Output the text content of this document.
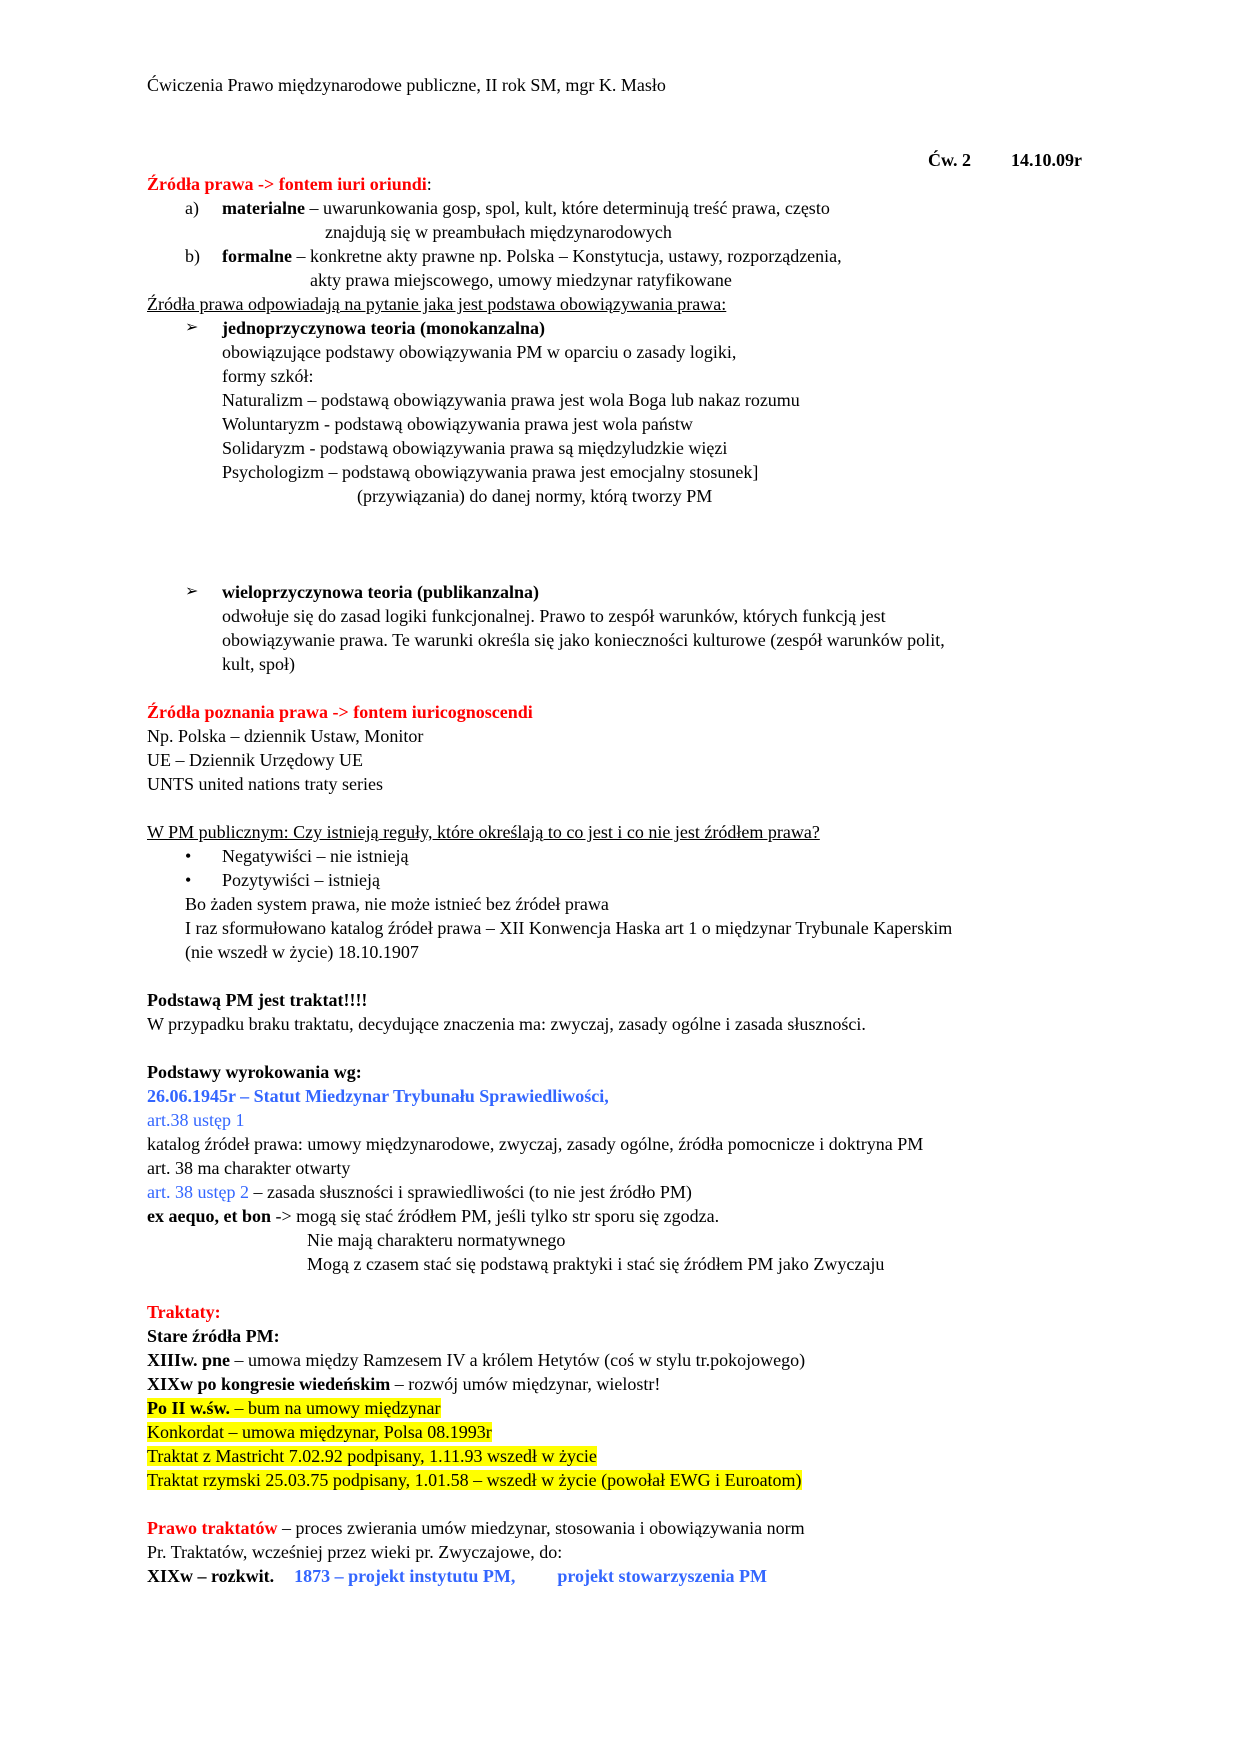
Ćwiczenia Prawo międzynarodowe publiczne, II rok SM, mgr K. Masło
Ćw. 2 14.10.09r
Źródła prawa -> fontem iuri oriundi:
a) materialne – uwarunkowania gosp, spol, kult, które determinują treść prawa, często
znajdują się w preambułach międzynarodowych
b) formalne – konkretne akty prawne np. Polska – Konstytucja, ustawy, rozporządzenia,
akty prawa miejscowego, umowy miedzynar ratyfikowane
Źródła prawa odpowiadają na pytanie jaka jest podstawa obowiązywania prawa:
➢ jednoprzyczynowa teoria (monokanzalna)
obowiązujące podstawy obowiązywania PM w oparciu o zasady logiki,
formy szkół:
Naturalizm – podstawą obowiązywania prawa jest wola Boga lub nakaz rozumu
Woluntaryzm - podstawą obowiązywania prawa jest wola państw
Solidaryzm - podstawą obowiązywania prawa są międzyludzkie więzi
Psychologizm – podstawą obowiązywania prawa jest emocjalny stosunek]
(przywiązania) do danej normy, którą tworzy PM
➢ wieloprzyczynowa teoria (publikanzalna)
odwołuje się do zasad logiki funkcjonalnej. Prawo to zespół warunków, których funkcją jest
obowiązywanie prawa. Te warunki określa się jako konieczności kulturowe (zespół warunków polit,
kult, społ)
Źródła poznania prawa -> fontem iuricognoscendi
Np. Polska – dziennik Ustaw, Monitor
UE – Dziennik Urzędowy UE
UNTS united nations traty series
W PM publicznym: Czy istnieją reguły, które określają to co jest i co nie jest źródłem prawa?
• Negatywiści – nie istnieją
• Pozytywiści – istnieją
Bo żaden system prawa, nie może istnieć bez źródeł prawa
I raz sformułowano katalog źródeł prawa – XII Konwencja Haska art 1 o międzynar Trybunale Kaperskim
(nie wszedł w życie) 18.10.1907
Podstawą PM jest traktat!!!!
W przypadku braku traktatu, decydujące znaczenia ma: zwyczaj, zasady ogólne i zasada słuszności.
Podstawy wyrokowania wg:
26.06.1945r – Statut Miedzynar Trybunału Sprawiedliwości,
art.38 ustęp 1
katalog źródeł prawa: umowy międzynarodowe, zwyczaj, zasady ogólne, źródła pomocnicze i doktryna PM
art. 38 ma charakter otwarty
art. 38 ustęp 2 – zasada słuszności i sprawiedliwości (to nie jest źródło PM)
ex aequo, et bon -> mogą się stać źródłem PM, jeśli tylko str sporu się zgodza.
Nie mają charakteru normatywnego
Mogą z czasem stać się podstawą praktyki i stać się źródłem PM jako Zwyczaju
Traktaty:
Stare źródła PM:
XIIIw. pne – umowa między Ramzesem IV a królem Hetytów (coś w stylu tr.pokojowego)
XIXw po kongresie wiedeńskim – rozwój umów międzynar, wielostr!
Po II w.św. – bum na umowy międzynar
Konkordat – umowa międzynar, Polsa 08.1993r
Traktat z Mastricht 7.02.92 podpisany, 1.11.93 wszedł w życie
Traktat rzymski 25.03.75 podpisany, 1.01.58 – wszedł w życie (powołał EWG i Euroatom)
Prawo traktatów – proces zwierania umów miedzynar, stosowania i obowiązywania norm
Pr. Traktatów, wcześniej przez wieki pr. Zwyczajowe, do:
XIXw – rozkwit. 1873 – projekt instytutu PM, projekt stowarzyszenia PM
